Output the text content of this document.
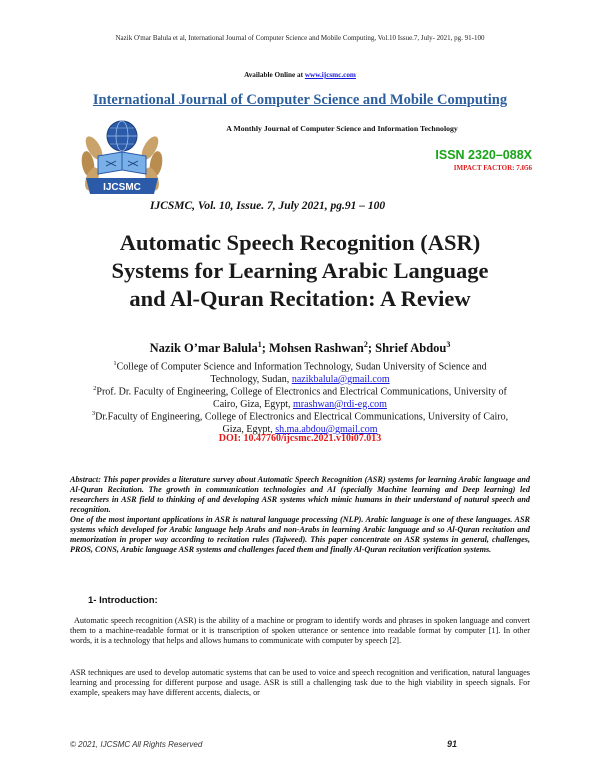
Nazik O'mar Balula et al, International Journal of Computer Science and Mobile Computing, Vol.10 Issue.7, July- 2021, pg. 91-100
Available Online at www.ijcsmc.com
International Journal of Computer Science and Mobile Computing
IJCSMC
A Monthly Journal of Computer Science and Information Technology
ISSN 2320–088X
IMPACT FACTOR: 7.056
IJCSMC, Vol. 10, Issue. 7, July 2021, pg.91 – 100
Automatic Speech Recognition (ASR)
Systems for Learning Arabic Language
and Al-Quran Recitation: A Review
Nazik O’mar Balula$^1$; Mohsen Rashwan$^2$; Shrief Abdou$^3$
$^1$College of Computer Science and Information Technology, Sudan University of Science and
Technology, Sudan, nazikbalula@gmail.com
$^2$Prof. Dr. Faculty of Engineering, College of Electronics and Electrical Communications, University of
Cairo, Giza, Egypt, mrashwan@rdi-eg.com
$^3$Dr.Faculty of Engineering, College of Electronics and Electrical Communications, University of Cairo,
Giza, Egypt, sh.ma.abdou@gmail.com
DOI: 10.47760/ijcsmc.2021.v10i07.013

Abstract: This paper provides a literature survey about Automatic Speech Recognition (ASR) systems for learning Arabic language and Al-Quran Recitation. The growth in communication technologies and AI (specially Machine learning and Deep learning) led researchers in ASR field to thinking of and developing ASR systems which mimic humans in their understand of natural speech and recognition.

One of the most important applications in ASR is natural language processing (NLP). Arabic language is one of these languages. ASR systems which developed for Arabic language help Arabs and non-Arabs in learning Arabic language and so Al-Quran recitation and memorization in proper way according to recitation rules (Tajweed). This paper concentrate on ASR systems in general, challenges, PROS, CONS, Arabic language ASR systems and challenges faced them and finally Al-Quran recitation verification systems.

1- Introduction:

Automatic speech recognition (ASR) is the ability of a machine or program to identify words and phrases in spoken language and convert them to a machine-readable format or it is transcription of spoken utterance or sentence into readable format by computer [1]. In other words, it is a technology that helps and allows humans to communicate with computer by speech [2].

ASR techniques are used to develop automatic systems that can be used to voice and speech recognition and verification, natural languages learning and processing for different purpose and usage. ASR is still a challenging task due to the high viability in speech signals. For example, speakers may have different accents, dialects, or

© 2021, IJCSMC All Rights Reserved	91
